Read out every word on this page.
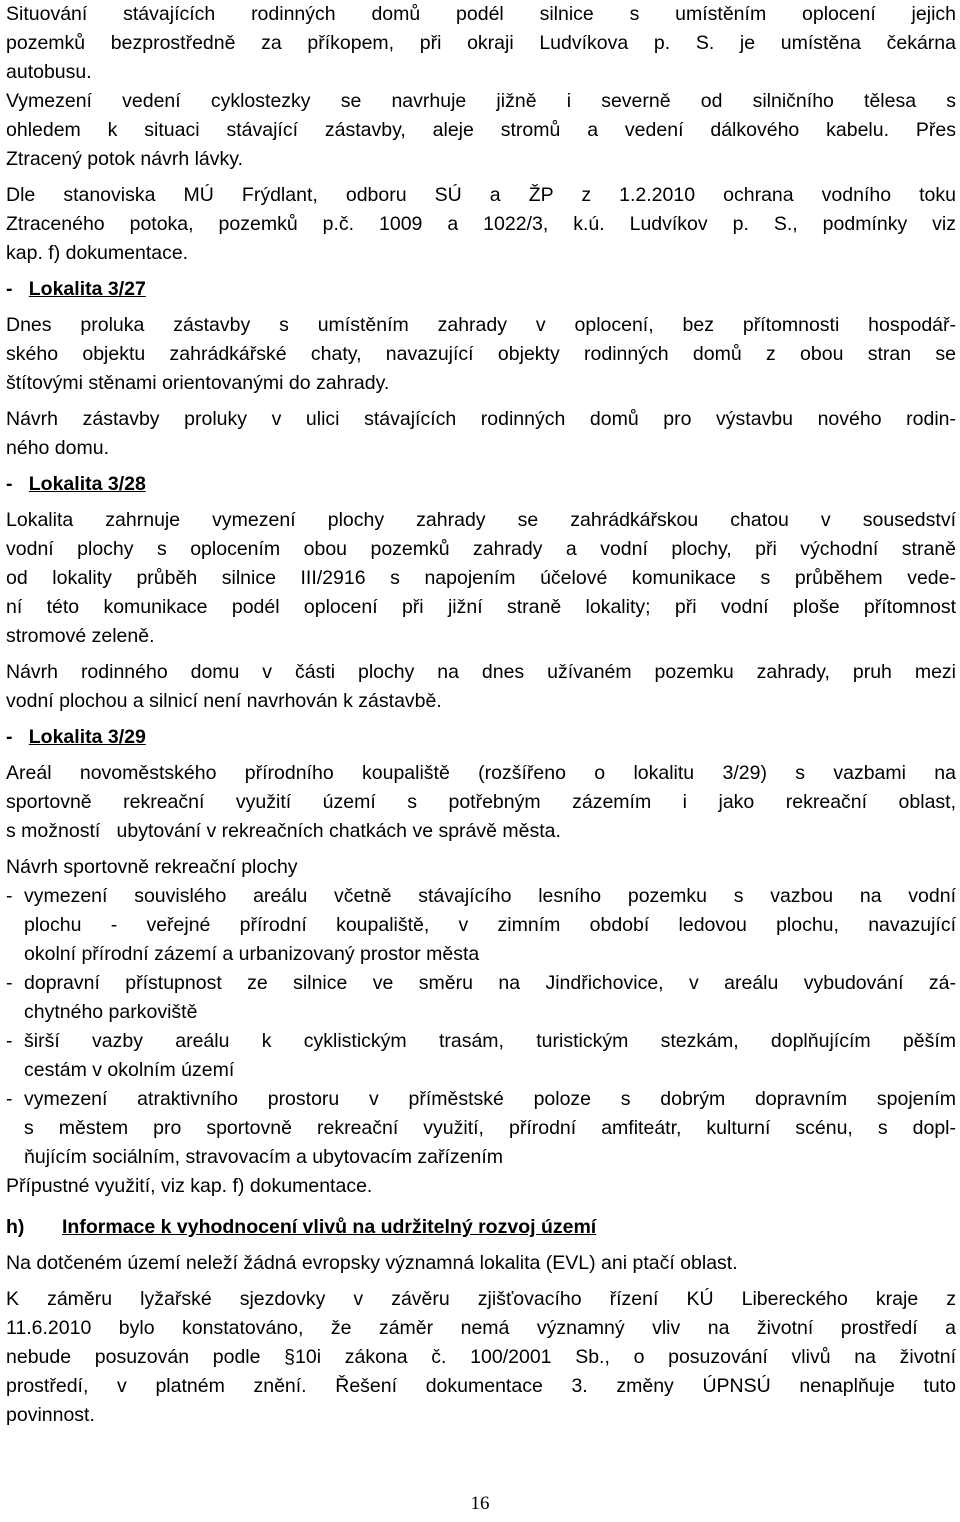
Situování stávajících rodinných domů podél silnice s umístěním oplocení jejich
pozemků bezprostředně za příkopem, při okraji Ludvíkova p. S. je umístěna čekárna
autobusu.

Vymezení vedení cyklostezky se navrhuje jižně i severně od silničního tělesa s
ohledem k situaci stávající zástavby, aleje stromů a vedení dálkového kabelu. Přes
Ztracený potok návrh lávky.

Dle stanoviska MÚ Frýdlant, odboru SÚ a ŽP z 1.2.2010 ochrana vodního toku
Ztraceného potoka, pozemků p.č. 1009 a 1022/3, k.ú. Ludvíkov p. S., podmínky viz
kap. f) dokumentace.

- Lokalita 3/27

Dnes proluka zástavby s umístěním zahrady v oplocení, bez přítomnosti hospodář-
ského objektu zahrádkářské chaty, navazující objekty rodinných domů z obou stran se
štítovými stěnami orientovanými do zahrady.

Návrh zástavby proluky v ulici stávajících rodinných domů pro výstavbu nového rodin-
ného domu.

- Lokalita 3/28

Lokalita zahrnuje vymezení plochy zahrady se zahrádkářskou chatou v sousedství
vodní plochy s oplocením obou pozemků zahrady a vodní plochy, při východní straně
od lokality průběh silnice III/2916 s napojením účelové komunikace s průběhem vede-
ní této komunikace podél oplocení při jižní straně lokality; při vodní ploše přítomnost
stromové zeleně.

Návrh rodinného domu v části plochy na dnes užívaném pozemku zahrady, pruh mezi
vodní plochou a silnicí není navrhován k zástavbě.

- Lokalita 3/29

Areál novoměstského přírodního koupaliště (rozšířeno o lokalitu 3/29) s vazbami na
sportovně rekreační využití území s potřebným zázemím i jako rekreační oblast,
s možností   ubytování v rekreačních chatkách ve správě města.

Návrh sportovně rekreační plochy

- vymezení souvislého areálu včetně stávajícího lesního pozemku s vazbou na vodní
plochu - veřejné přírodní koupaliště, v zimním období ledovou plochu, navazující
okolní přírodní zázemí a urbanizovaný prostor města
- dopravní přístupnost ze silnice ve směru na Jindřichovice, v areálu vybudování zá-
chytného parkoviště
- širší vazby areálu k cyklistickým trasám, turistickým stezkám, doplňujícím pěším
cestám v okolním území
- vymezení atraktivního prostoru v příměstské poloze s dobrým dopravním spojením
s městem pro sportovně rekreační využití, přírodní amfiteátr, kulturní scénu, s dopl-
ňujícím sociálním, stravovacím a ubytovacím zařízením

Přípustné využití, viz kap. f) dokumentace.

h)	Informace k vyhodnocení vlivů na udržitelný rozvoj území

Na dotčeném území neleží žádná evropsky významná lokalita (EVL) ani ptačí oblast.

K záměru lyžařské sjezdovky v závěru zjišťovacího řízení KÚ Libereckého kraje z
11.6.2010 bylo konstatováno, že záměr nemá významný vliv na životní prostředí a
nebude posuzován podle §10i zákona č. 100/2001 Sb., o posuzování vlivů na životní
prostředí, v platném znění. Řešení dokumentace 3. změny ÚPNSÚ nenaplňuje tuto
povinnost.

16
